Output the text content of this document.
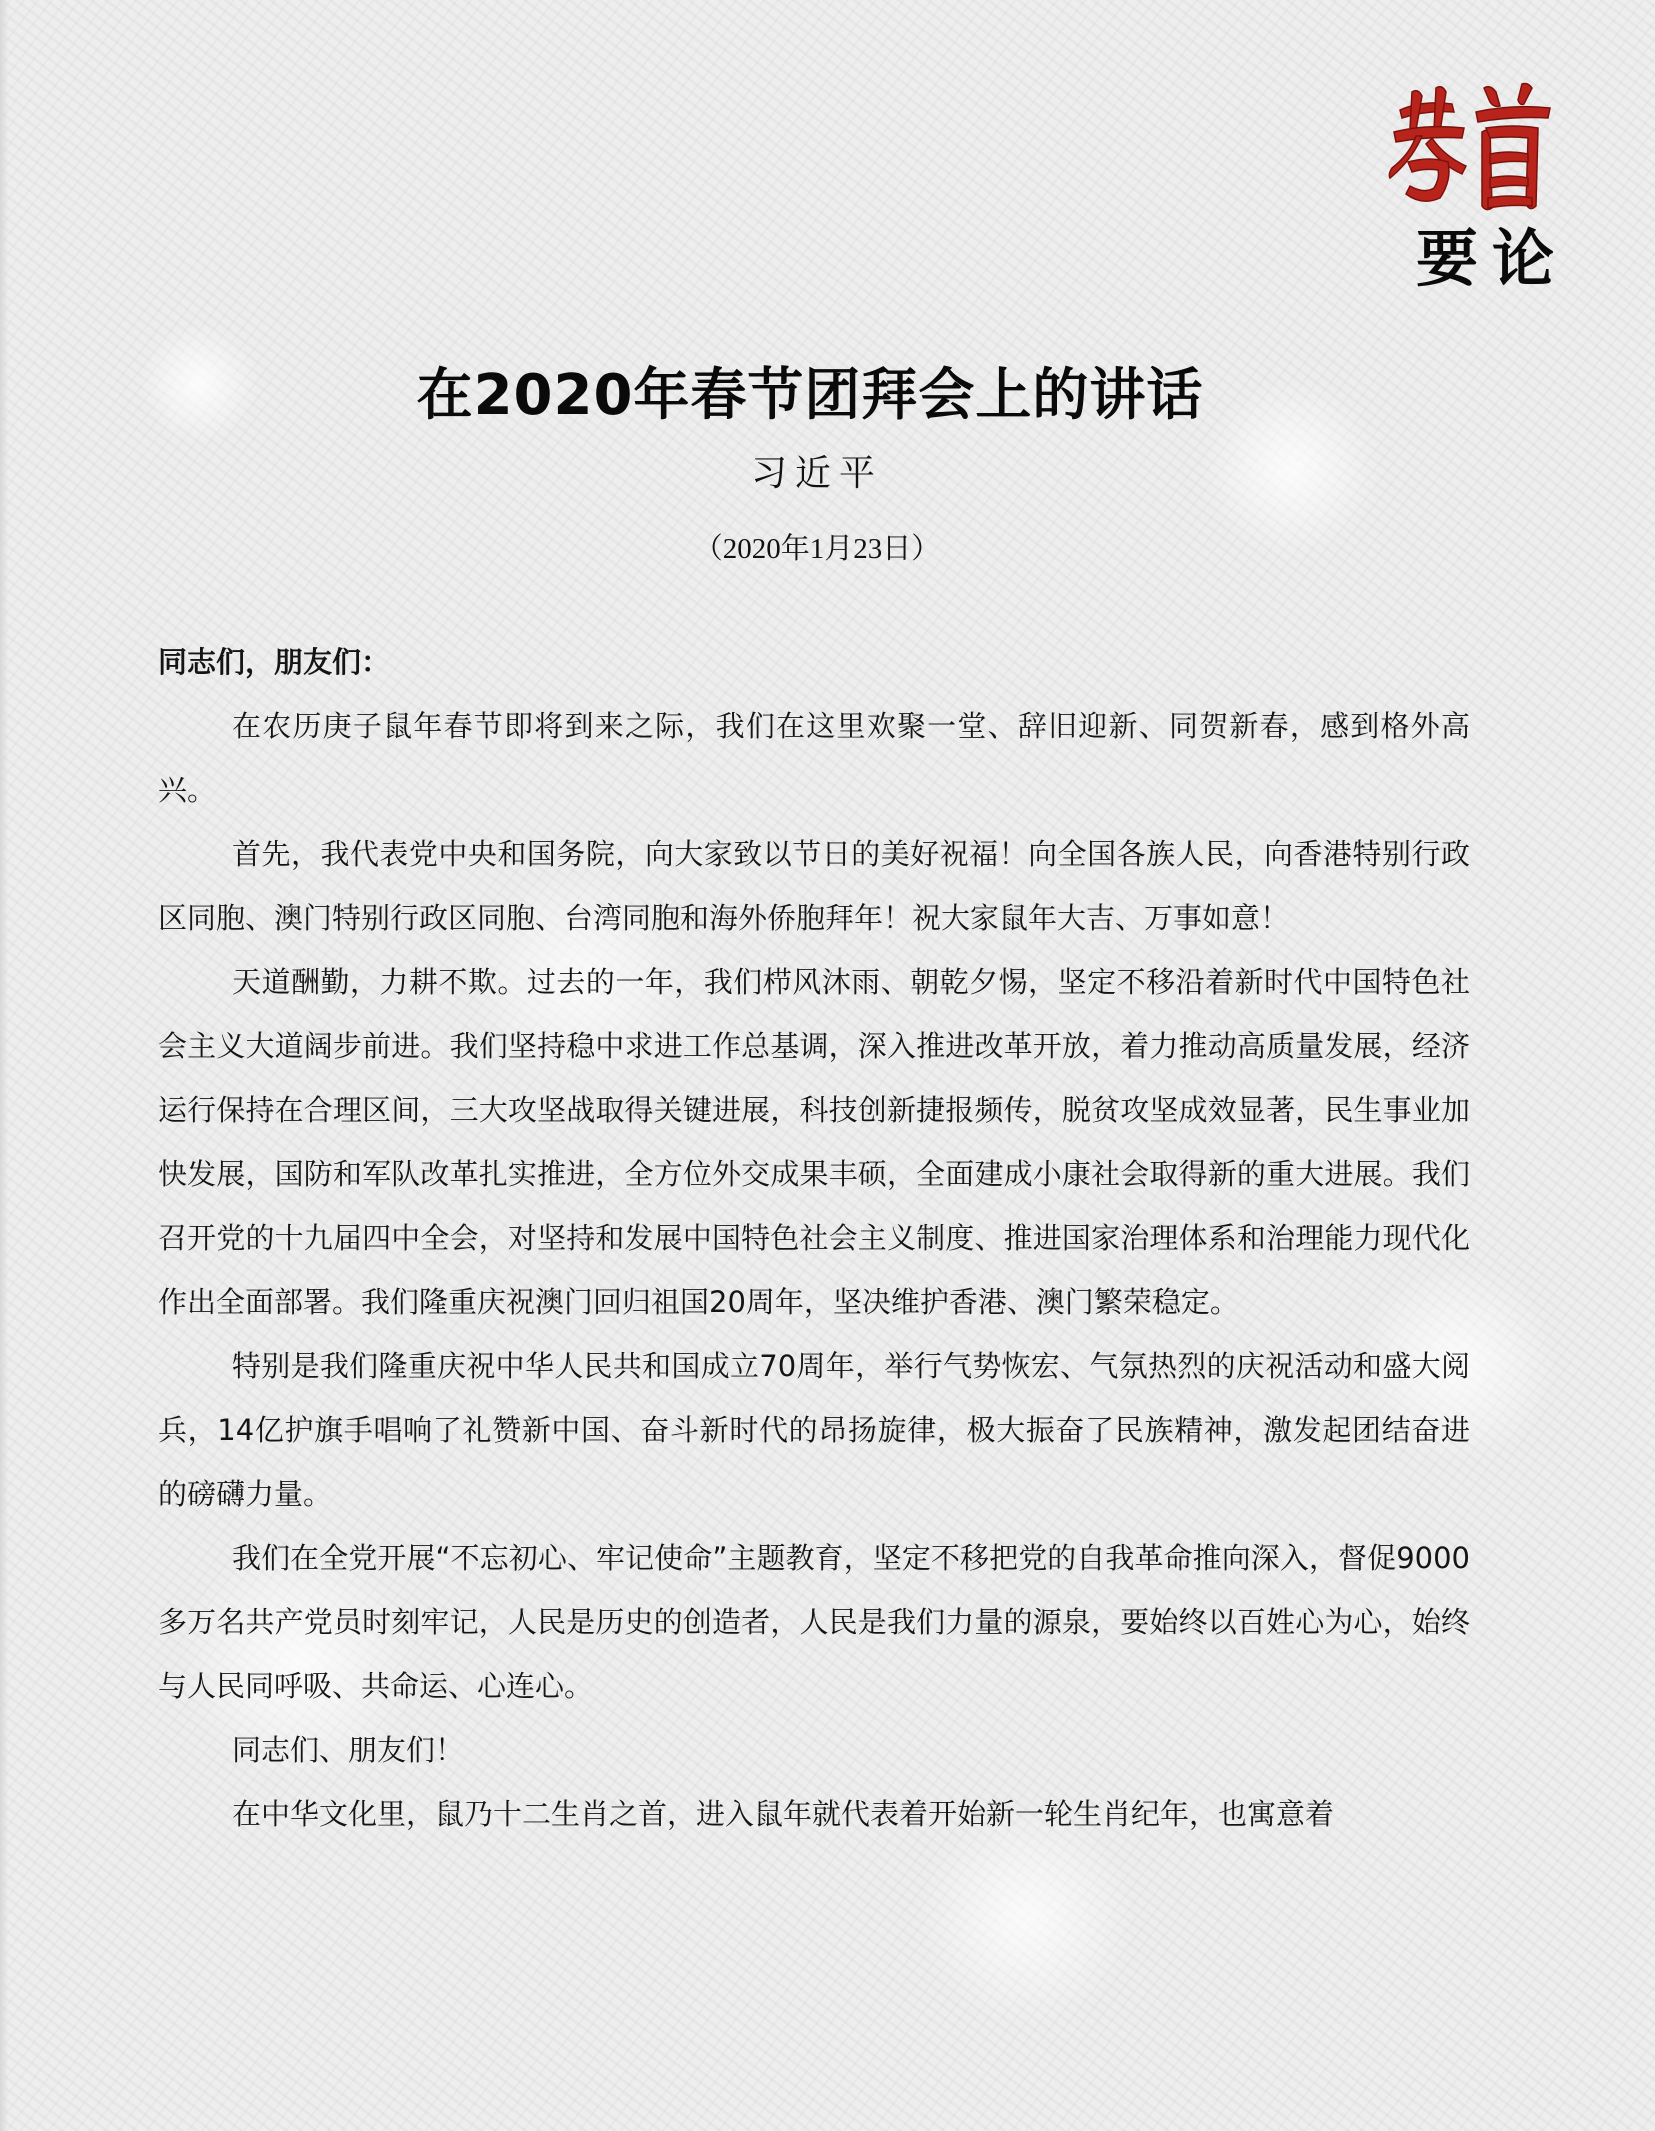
要论
在2020年春节团拜会上的讲话
习近平
（2020年1月23日）

同志们，朋友们：

在农历庚子鼠年春节即将到来之际，我们在这里欢聚一堂、辞旧迎新、同贺新春，感到格外高兴。

首先，我代表党中央和国务院，向大家致以节日的美好祝福！向全国各族人民，向香港特别行政区同胞、澳门特别行政区同胞、台湾同胞和海外侨胞拜年！祝大家鼠年大吉、万事如意！

天道酬勤，力耕不欺。过去的一年，我们栉风沐雨、朝乾夕惕，坚定不移沿着新时代中国特色社会主义大道阔步前进。我们坚持稳中求进工作总基调，深入推进改革开放，着力推动高质量发展，经济运行保持在合理区间，三大攻坚战取得关键进展，科技创新捷报频传，脱贫攻坚成效显著，民生事业加快发展，国防和军队改革扎实推进，全方位外交成果丰硕，全面建成小康社会取得新的重大进展。我们召开党的十九届四中全会，对坚持和发展中国特色社会主义制度、推进国家治理体系和治理能力现代化作出全面部署。我们隆重庆祝澳门回归祖国20周年，坚决维护香港、澳门繁荣稳定。

特别是我们隆重庆祝中华人民共和国成立70周年，举行气势恢宏、气氛热烈的庆祝活动和盛大阅兵，14亿护旗手唱响了礼赞新中国、奋斗新时代的昂扬旋律，极大振奋了民族精神，激发起团结奋进的磅礴力量。

我们在全党开展“不忘初心、牢记使命”主题教育，坚定不移把党的自我革命推向深入，督促9000多万名共产党员时刻牢记，人民是历史的创造者，人民是我们力量的源泉，要始终以百姓心为心，始终与人民同呼吸、共命运、心连心。

同志们、朋友们！

在中华文化里，鼠乃十二生肖之首，进入鼠年就代表着开始新一轮生肖纪年，也寓意着
